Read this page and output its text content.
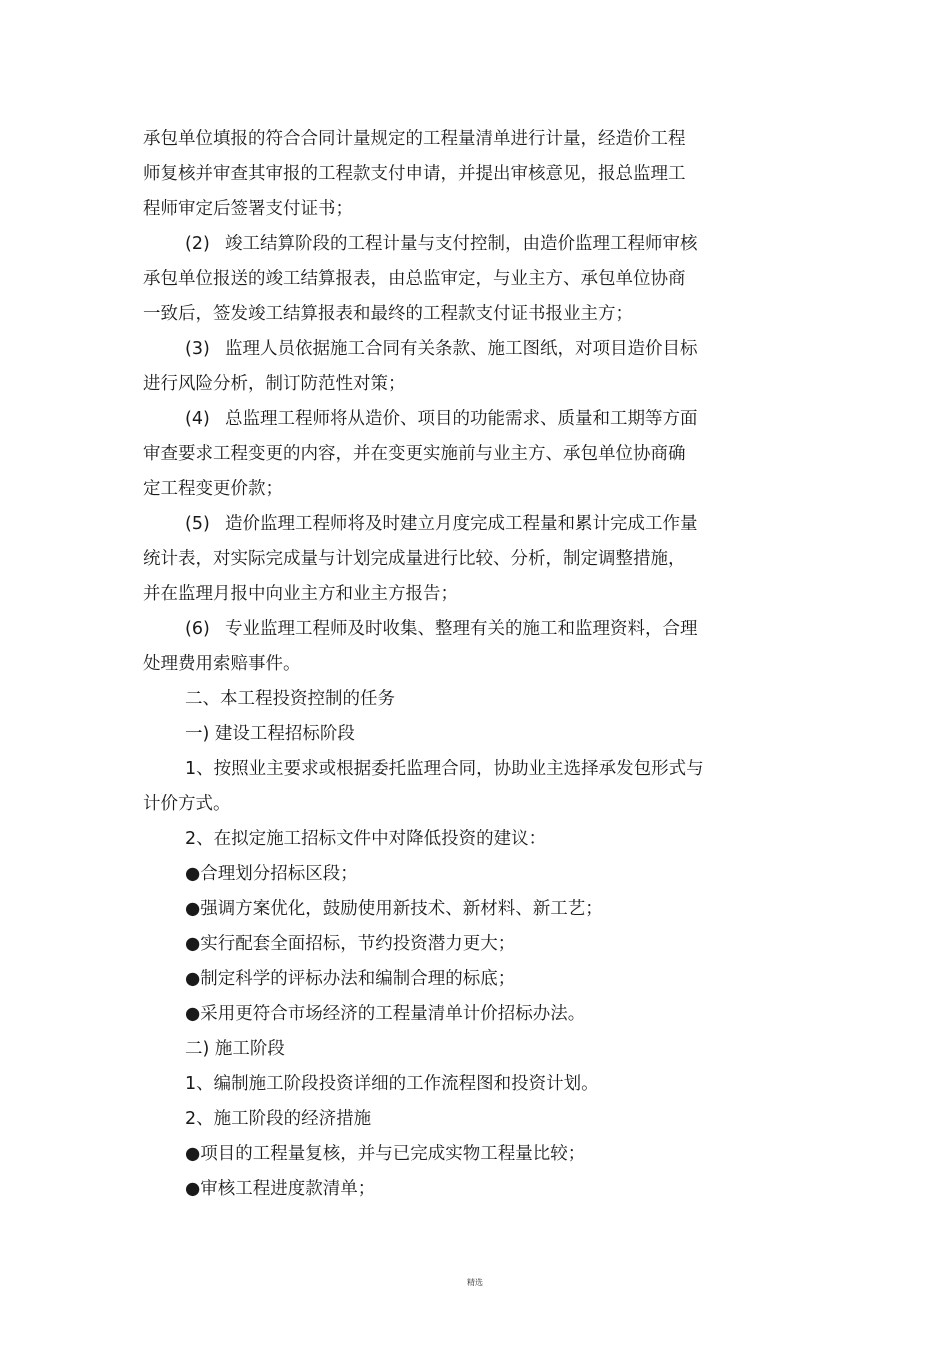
承包单位填报的符合合同计量规定的工程量清单进行计量，经造价工程
师复核并审查其审报的工程款支付申请，并提出审核意见，报总监理工
程师审定后签署支付证书；
(2) 竣工结算阶段的工程计量与支付控制，由造价监理工程师审核
承包单位报送的竣工结算报表，由总监审定，与业主方、承包单位协商
一致后，签发竣工结算报表和最终的工程款支付证书报业主方；
(3) 监理人员依据施工合同有关条款、施工图纸，对项目造价目标
进行风险分析，制订防范性对策；
(4) 总监理工程师将从造价、项目的功能需求、质量和工期等方面
审查要求工程变更的内容，并在变更实施前与业主方、承包单位协商确
定工程变更价款；
(5) 造价监理工程师将及时建立月度完成工程量和累计完成工作量
统计表，对实际完成量与计划完成量进行比较、分析，制定调整措施，
并在监理月报中向业主方和业主方报告；
(6) 专业监理工程师及时收集、整理有关的施工和监理资料，合理
处理费用索赔事件。
二、本工程投资控制的任务
一) 建设工程招标阶段
1、按照业主要求或根据委托监理合同，协助业主选择承发包形式与
计价方式。
2、在拟定施工招标文件中对降低投资的建议：
●合理划分招标区段；
●强调方案优化，鼓励使用新技术、新材料、新工艺；
●实行配套全面招标，节约投资潜力更大；
●制定科学的评标办法和编制合理的标底；
●采用更符合市场经济的工程量清单计价招标办法。
二) 施工阶段
1、编制施工阶段投资详细的工作流程图和投资计划。
2、施工阶段的经济措施
●项目的工程量复核，并与已完成实物工程量比较；
●审核工程进度款清单；
精选
